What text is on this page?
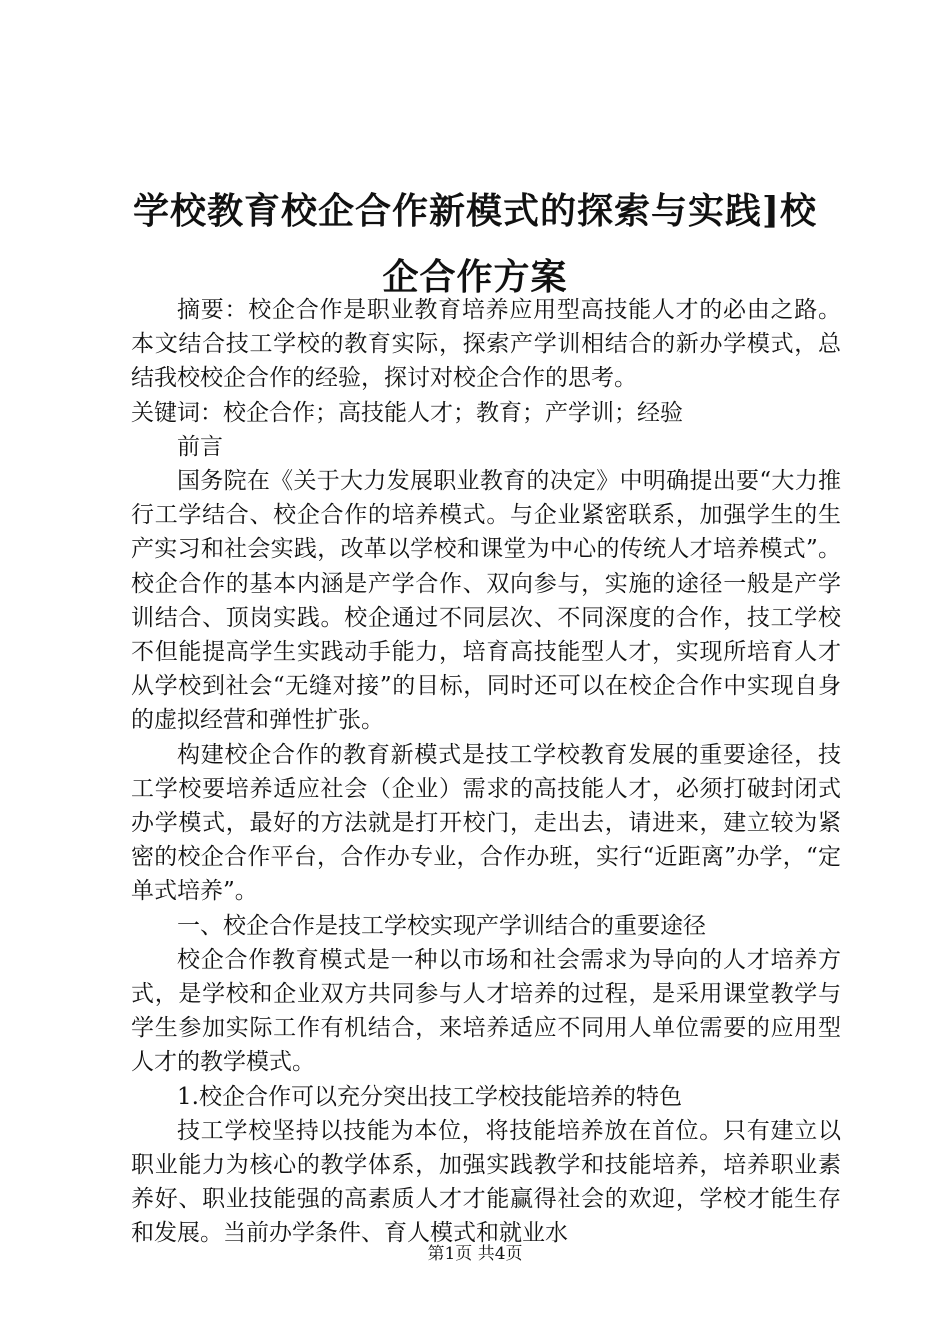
学校教育校企合作新模式的探索与实践]校企合作方案

摘要：校企合作是职业教育培养应用型高技能人才的必由之路。本文结合技工学校的教育实际，探索产学训相结合的新办学模式，总结我校校企合作的经验，探讨对校企合作的思考。

关键词：校企合作；高技能人才；教育；产学训；经验

前言

国务院在《关于大力发展职业教育的决定》中明确提出要“大力推行工学结合、校企合作的培养模式。与企业紧密联系，加强学生的生产实习和社会实践，改革以学校和课堂为中心的传统人才培养模式”。校企合作的基本内涵是产学合作、双向参与，实施的途径一般是产学训结合、顶岗实践。校企通过不同层次、不同深度的合作，技工学校不但能提高学生实践动手能力，培育高技能型人才，实现所培育人才从学校到社会“无缝对接”的目标，同时还可以在校企合作中实现自身的虚拟经营和弹性扩张。

构建校企合作的教育新模式是技工学校教育发展的重要途径，技工学校要培养适应社会（企业）需求的高技能人才，必须打破封闭式办学模式，最好的方法就是打开校门，走出去，请进来，建立较为紧密的校企合作平台，合作办专业，合作办班，实行“近距离”办学，“定单式培养”。

一、校企合作是技工学校实现产学训结合的重要途径

校企合作教育模式是一种以市场和社会需求为导向的人才培养方式，是学校和企业双方共同参与人才培养的过程，是采用课堂教学与学生参加实际工作有机结合，来培养适应不同用人单位需要的应用型人才的教学模式。

1.校企合作可以充分突出技工学校技能培养的特色

技工学校坚持以技能为本位，将技能培养放在首位。只有建立以职业能力为核心的教学体系，加强实践教学和技能培养，培养职业素养好、职业技能强的高素质人才才能赢得社会的欢迎，学校才能生存和发展。当前办学条件、育人模式和就业水

第1页 共4页
